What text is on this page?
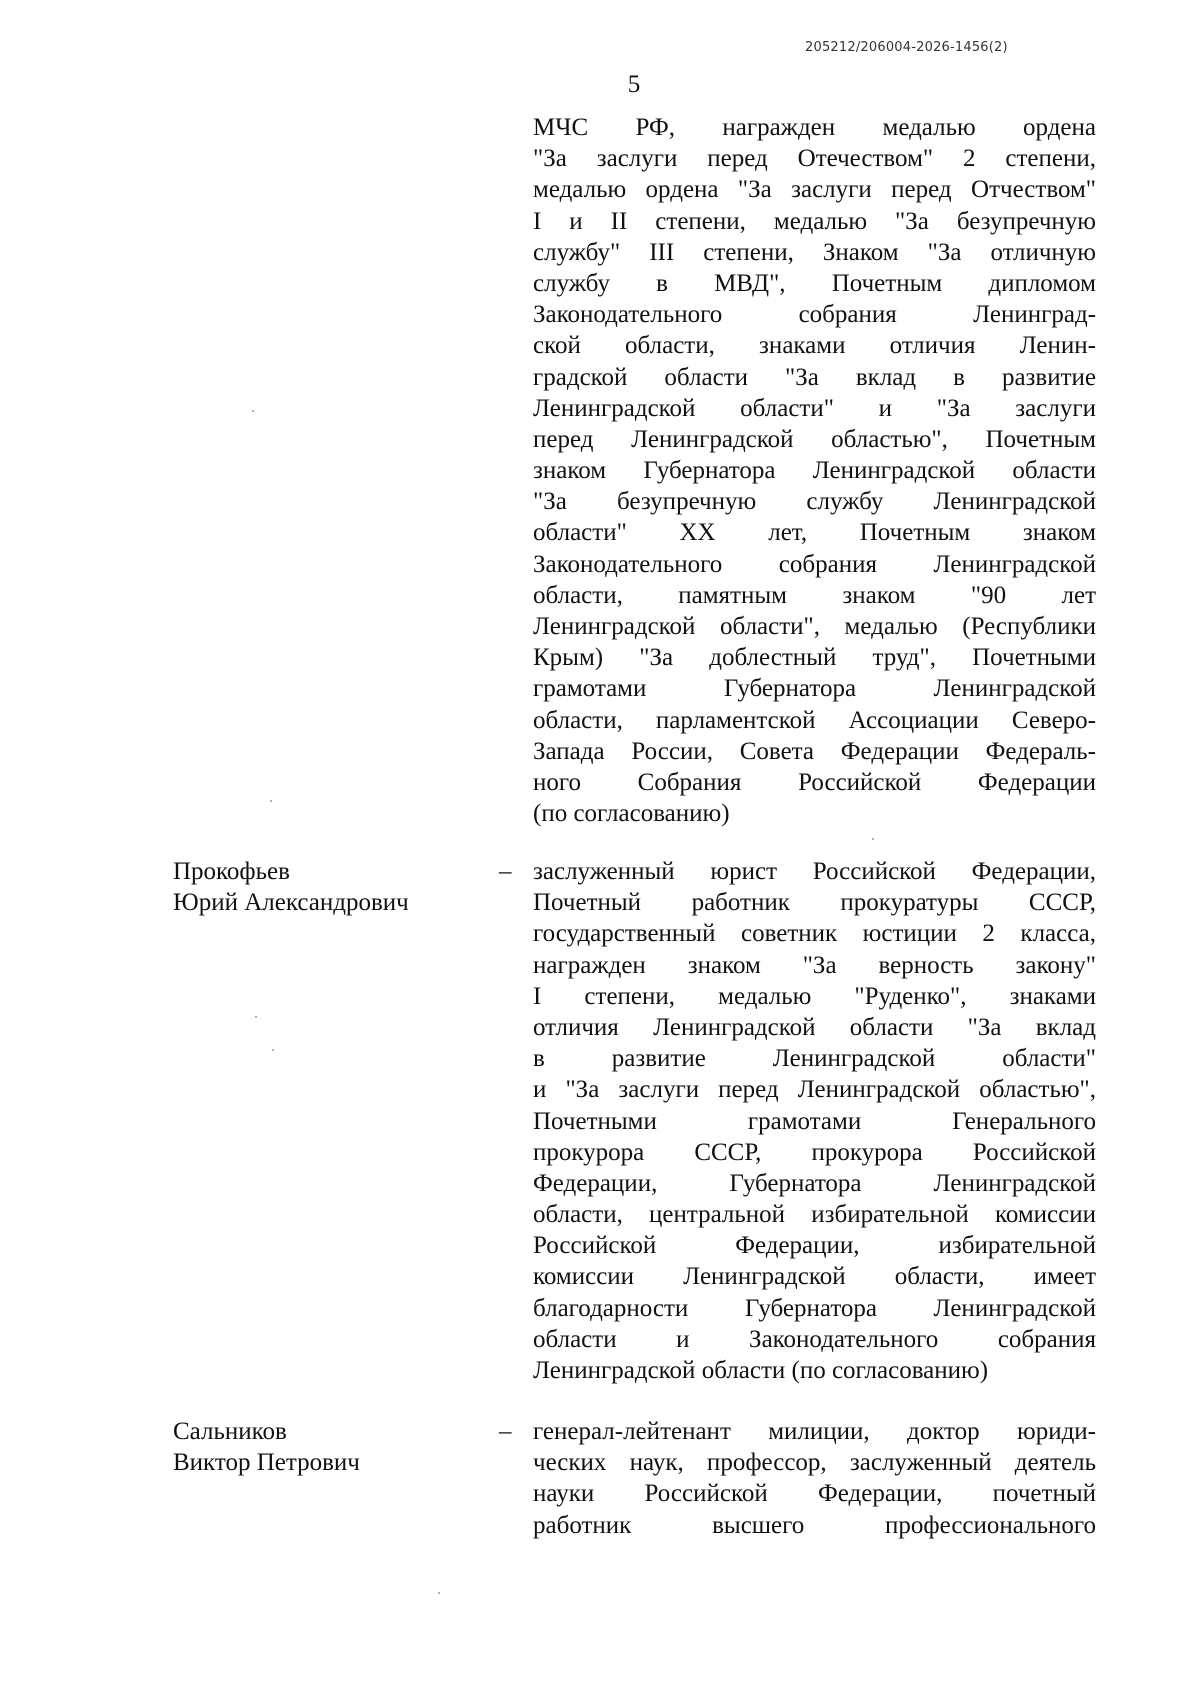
205212/206004-2026-1456(2)
5
МЧС РФ, награжден медалью ордена
"За заслуги перед Отечеством" 2 степени,
медалью ордена "За заслуги перед Отчеством"
I и II степени, медалью "За безупречную
службу" III степени, Знаком "За отличную
службу в МВД", Почетным дипломом
Законодательного собрания Ленинград-
ской области, знаками отличия Ленин-
градской области "За вклад в развитие
Ленинградской области" и "За заслуги
перед Ленинградской областью", Почетным
знаком Губернатора Ленинградской области
"За безупречную службу Ленинградской
области" XX лет, Почетным знаком
Законодательного собрания Ленинградской
области, памятным знаком "90 лет
Ленинградской области", медалью (Республики
Крым) "За доблестный труд", Почетными
грамотами Губернатора Ленинградской
области, парламентской Ассоциации Северо-
Запада России, Совета Федерации Федераль-
ного Собрания Российской Федерации
(по согласованию)
Прокофьев
Юрий Александрович
– заслуженный юрист Российской Федерации,
Почетный работник прокуратуры СССР,
государственный советник юстиции 2 класса,
награжден знаком "За верность закону"
I степени, медалью "Руденко", знаками
отличия Ленинградской области "За вклад
в развитие Ленинградской области"
и "За заслуги перед Ленинградской областью",
Почетными грамотами Генерального
прокурора СССР, прокурора Российской
Федерации, Губернатора Ленинградской
области, центральной избирательной комиссии
Российской Федерации, избирательной
комиссии Ленинградской области, имеет
благодарности Губернатора Ленинградской
области и Законодательного собрания
Ленинградской области (по согласованию)
Сальников
Виктор Петрович
– генерал-лейтенант милиции, доктор юриди-
ческих наук, профессор, заслуженный деятель
науки Российской Федерации, почетный
работник высшего профессионального
